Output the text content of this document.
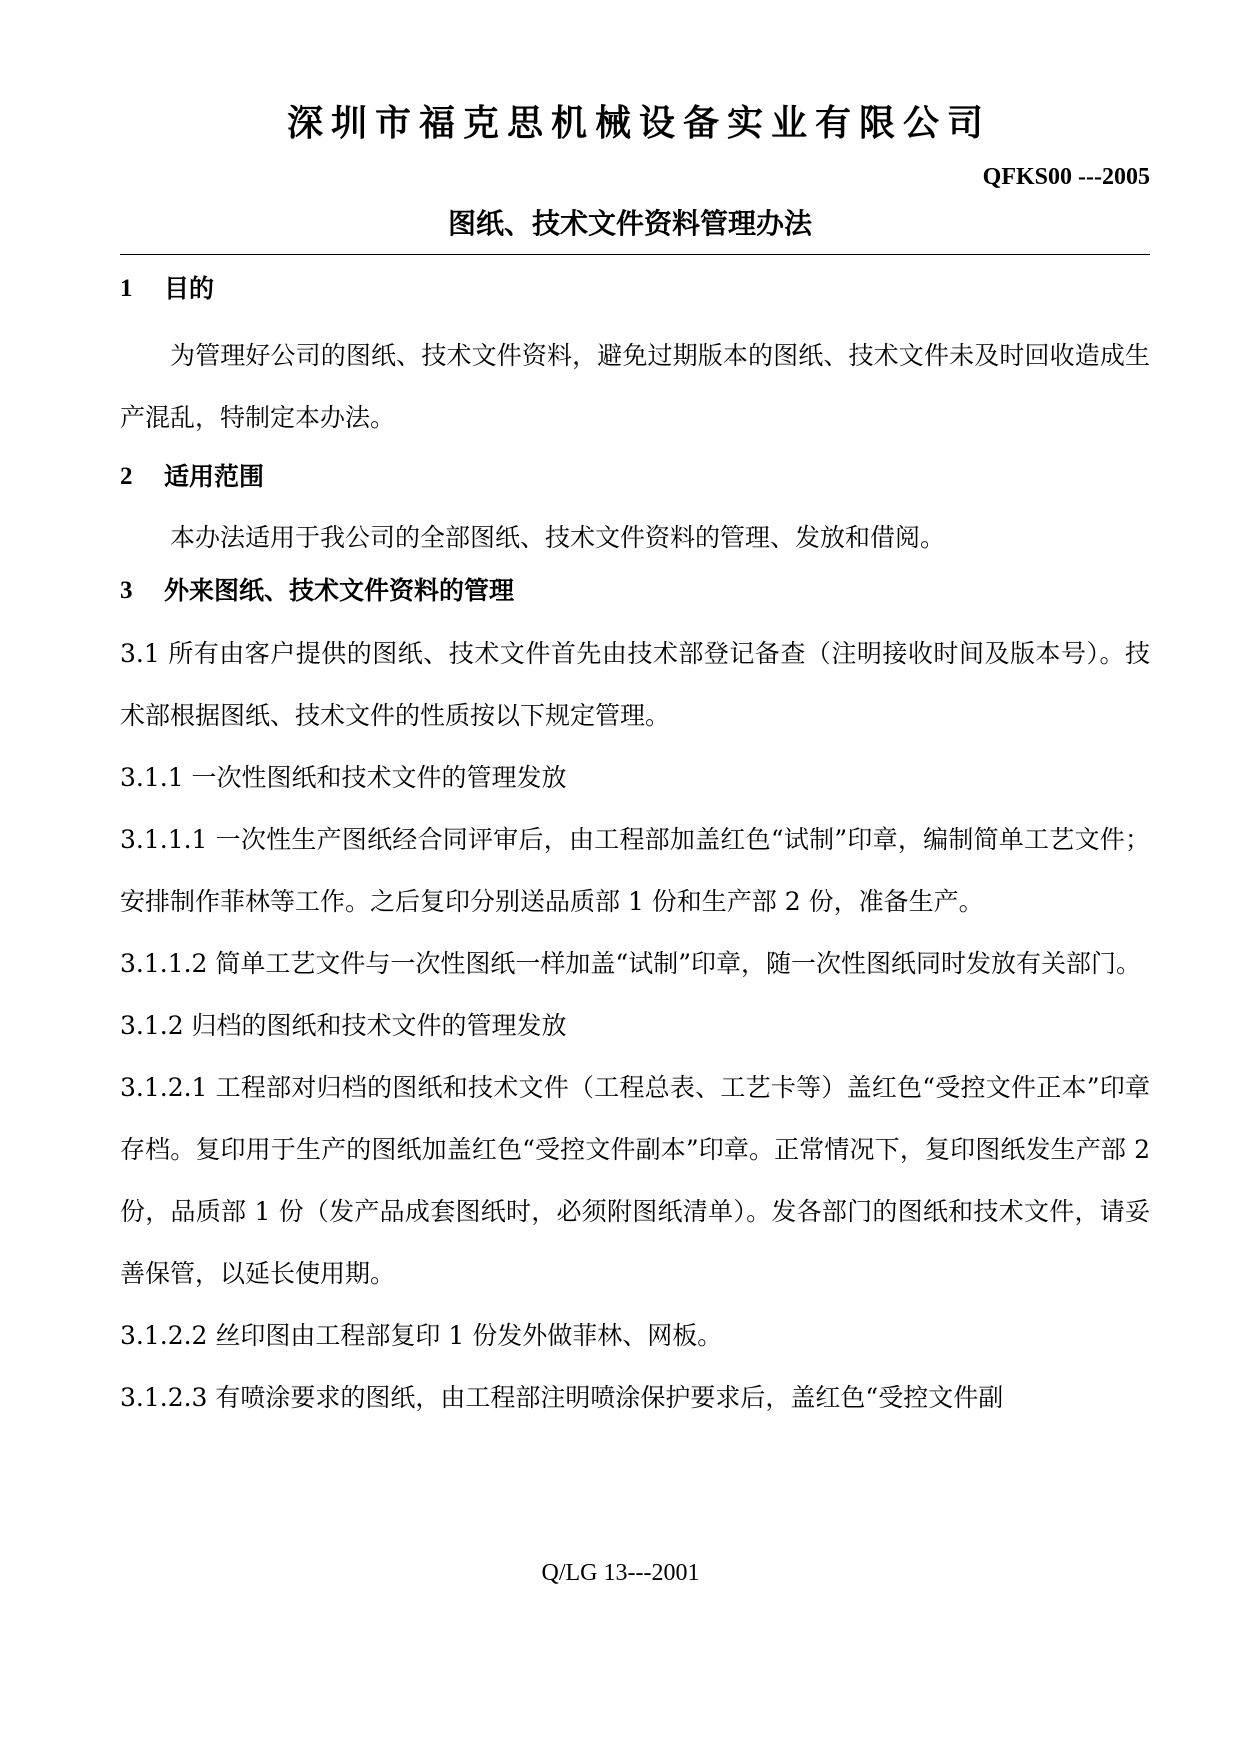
深圳市福克思机械设备实业有限公司
QFKS00 ---2005
图纸、技术文件资料管理办法
1	目的

为管理好公司的图纸、技术文件资料，避免过期版本的图纸、技术文件未及时回收造成生产混乱，特制定本办法。

2	适用范围

本办法适用于我公司的全部图纸、技术文件资料的管理、发放和借阅。

3	外来图纸、技术文件资料的管理

3.1 所有由客户提供的图纸、技术文件首先由技术部登记备查（注明接收时间及版本号）。技术部根据图纸、技术文件的性质按以下规定管理。

3.1.1 一次性图纸和技术文件的管理发放

3.1.1.1 一次性生产图纸经合同评审后，由工程部加盖红色“试制”印章，编制简单工艺文件；安排制作菲林等工作。之后复印分别送品质部 1 份和生产部 2 份，准备生产。

3.1.1.2 简单工艺文件与一次性图纸一样加盖“试制”印章，随一次性图纸同时发放有关部门。

3.1.2 归档的图纸和技术文件的管理发放

3.1.2.1 工程部对归档的图纸和技术文件（工程总表、工艺卡等）盖红色“受控文件正本”印章存档。复印用于生产的图纸加盖红色“受控文件副本”印章。正常情况下，复印图纸发生产部 2 份，品质部 1 份（发产品成套图纸时，必须附图纸清单）。发各部门的图纸和技术文件，请妥善保管，以延长使用期。

3.1.2.2 丝印图由工程部复印 1 份发外做菲林、网板。

3.1.2.3 有喷涂要求的图纸，由工程部注明喷涂保护要求后，盖红色“受控文件副

Q/LG 13---2001
